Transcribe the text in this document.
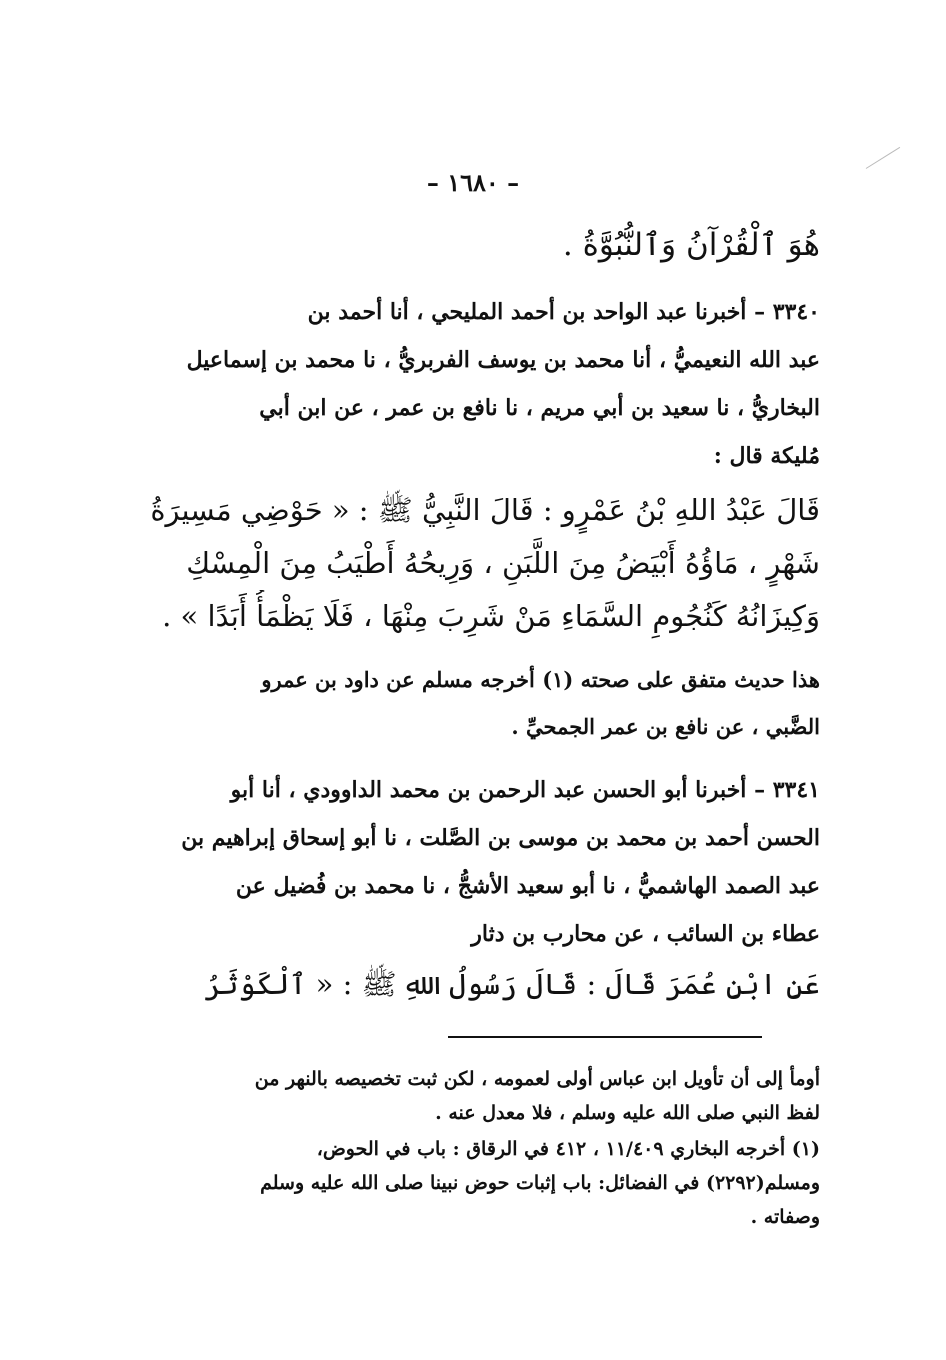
– ١٦٨٠ –
هُوَ ٱلْقُرْآنُ وَٱلنُّبُوَّةُ .
٣٣٤٠ – أخبرنا عبد الواحد بن أحمد المليحي ، أنا أحمد بن
عبد الله النعيميُّ ، أنا محمد بن يوسف الفربريُّ ، نا محمد بن إسماعيل
البخاريُّ ، نا سعيد بن أبي مريم ، نا نافع بن عمر ، عن ابن أبي
مُليكة قال :
قَالَ عَبْدُ اللهِ بْنُ عَمْرٍو : قَالَ النَّبِيُّ ﷺ : « حَوْضِي مَسِيرَةُ
شَهْرٍ ، مَاؤُهُ أَبْيَضُ مِنَ اللَّبَنِ ، وَرِيحُهُ أَطْيَبُ مِنَ الْمِسْكِ
وَكِيزَانُهُ كَنُجُومِ السَّمَاءِ مَنْ شَرِبَ مِنْهَا ، فَلَا يَظْمَأُ أَبَدًا » .
هذا حديث متفق على صحته (١) أخرجه مسلم عن داود بن عمرو
الضَّبي ، عن نافع بن عمر الجمحيِّ .
٣٣٤١ – أخبرنا أبو الحسن عبد الرحمن بن محمد الداوودي ، أنا أبو
الحسن أحمد بن محمد بن موسى بن الصَّلت ، نا أبو إسحاق إبراهيم بن
عبد الصمد الهاشميُّ ، نا أبو سعيد الأشجُّ ، نا محمد بن فُضيل عن
عطاء بن السائب ، عن محارب بن دثار
عَنِ ابْنِ عُمَرَ قَالَ : قَالَ رَسُولُ اللهِ ﷺ : « ٱلْكَوْثَرُ
أومأ إلى أن تأويل ابن عباس أولى لعمومه ، لكن ثبت تخصيصه بالنهر من
لفظ النبي صلى الله عليه وسلم ، فلا معدل عنه .
(١) أخرجه البخاري ١١/٤٠٩ ، ٤١٢ في الرقاق : باب في الحوض،
ومسلم(٢٢٩٢) في الفضائل: باب إثبات حوض نبينا صلى الله عليه وسلم
وصفاته .
